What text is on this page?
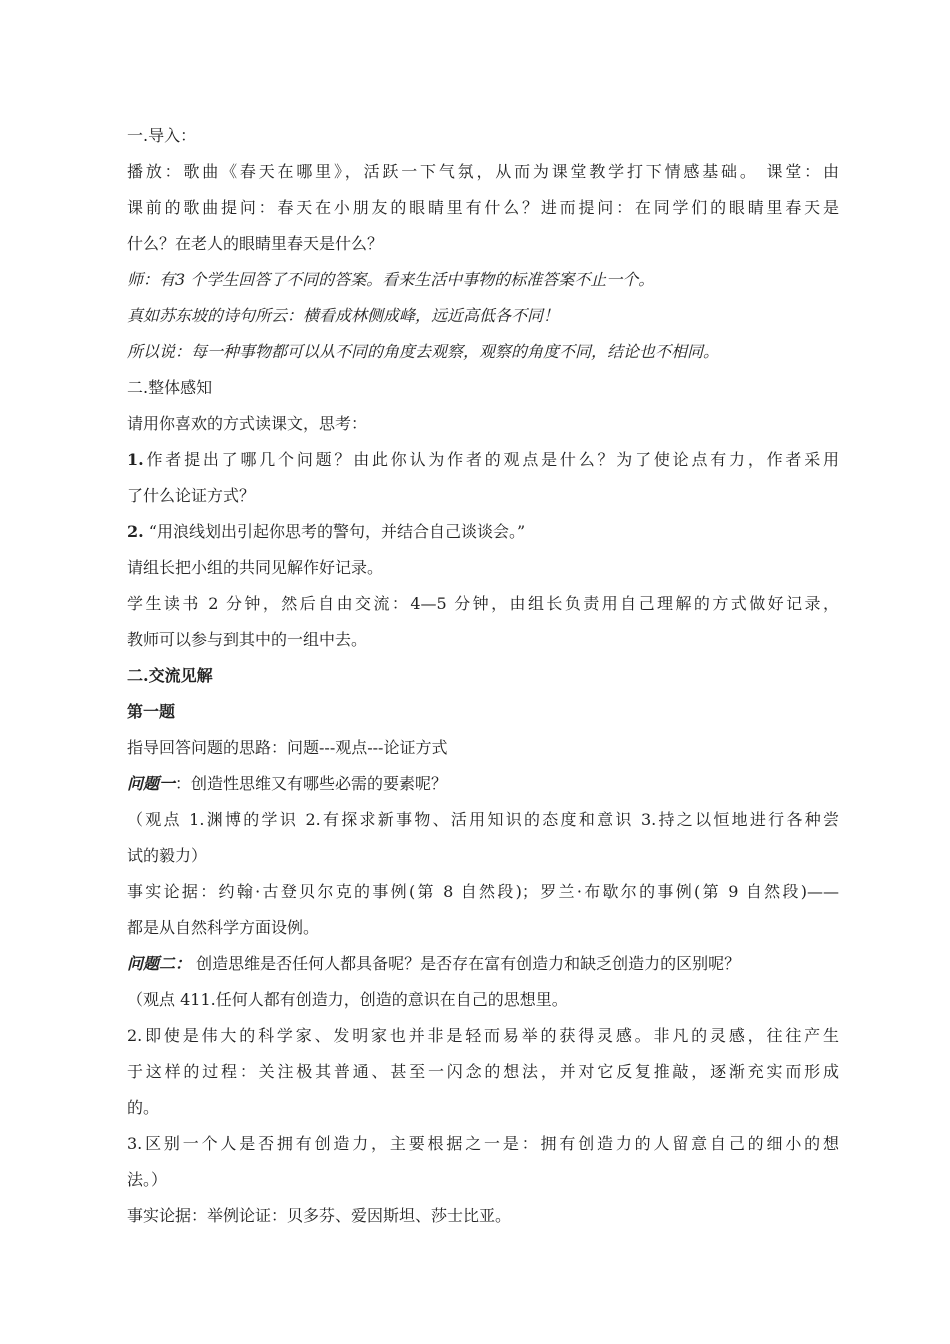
一.导入：
播放：歌曲《春天在哪里》，活跃一下气氛，从而为课堂教学打下情感基础。 课堂：由
课前的歌曲提问：春天在小朋友的眼睛里有什么？进而提问：在同学们的眼睛里春天是
什么？在老人的眼睛里春天是什么？
师：有3 个学生回答了不同的答案。看来生活中事物的标准答案不止一个。
真如苏东坡的诗句所云：横看成林侧成峰，远近高低各不同！
所以说：每一种事物都可以从不同的角度去观察，观察的角度不同，结论也不相同。
二.整体感知
请用你喜欢的方式读课文，思考：
1.作者提出了哪几个问题？由此你认为作者的观点是什么？为了使论点有力，作者采用
了什么论证方式？
2. “用浪线划出引起你思考的警句，并结合自己谈谈会。”
请组长把小组的共同见解作好记录。
学生读书 2 分钟，然后自由交流：4—5 分钟，由组长负责用自己理解的方式做好记录，
教师可以参与到其中的一组中去。
二.交流见解
第一题
指导回答问题的思路：问题---观点---论证方式
问题一：创造性思维又有哪些必需的要素呢？
（观点 1.渊博的学识 2.有探求新事物、活用知识的态度和意识 3.持之以恒地进行各种尝
试的毅力）
事实论据：约翰·古登贝尔克的事例(第 8 自然段)；罗兰·布歇尔的事例(第 9 自然段)——
都是从自然科学方面设例。
问题二： 创造思维是否任何人都具备呢？是否存在富有创造力和缺乏创造力的区别呢？
（观点 411.任何人都有创造力，创造的意识在自己的思想里。
2.即使是伟大的科学家、发明家也并非是轻而易举的获得灵感。非凡的灵感，往往产生
于这样的过程：关注极其普通、甚至一闪念的想法，并对它反复推敲，逐渐充实而形成
的。
3.区别一个人是否拥有创造力，主要根据之一是：拥有创造力的人留意自己的细小的想
法。）
事实论据：举例论证：贝多芬、爱因斯坦、莎士比亚。
